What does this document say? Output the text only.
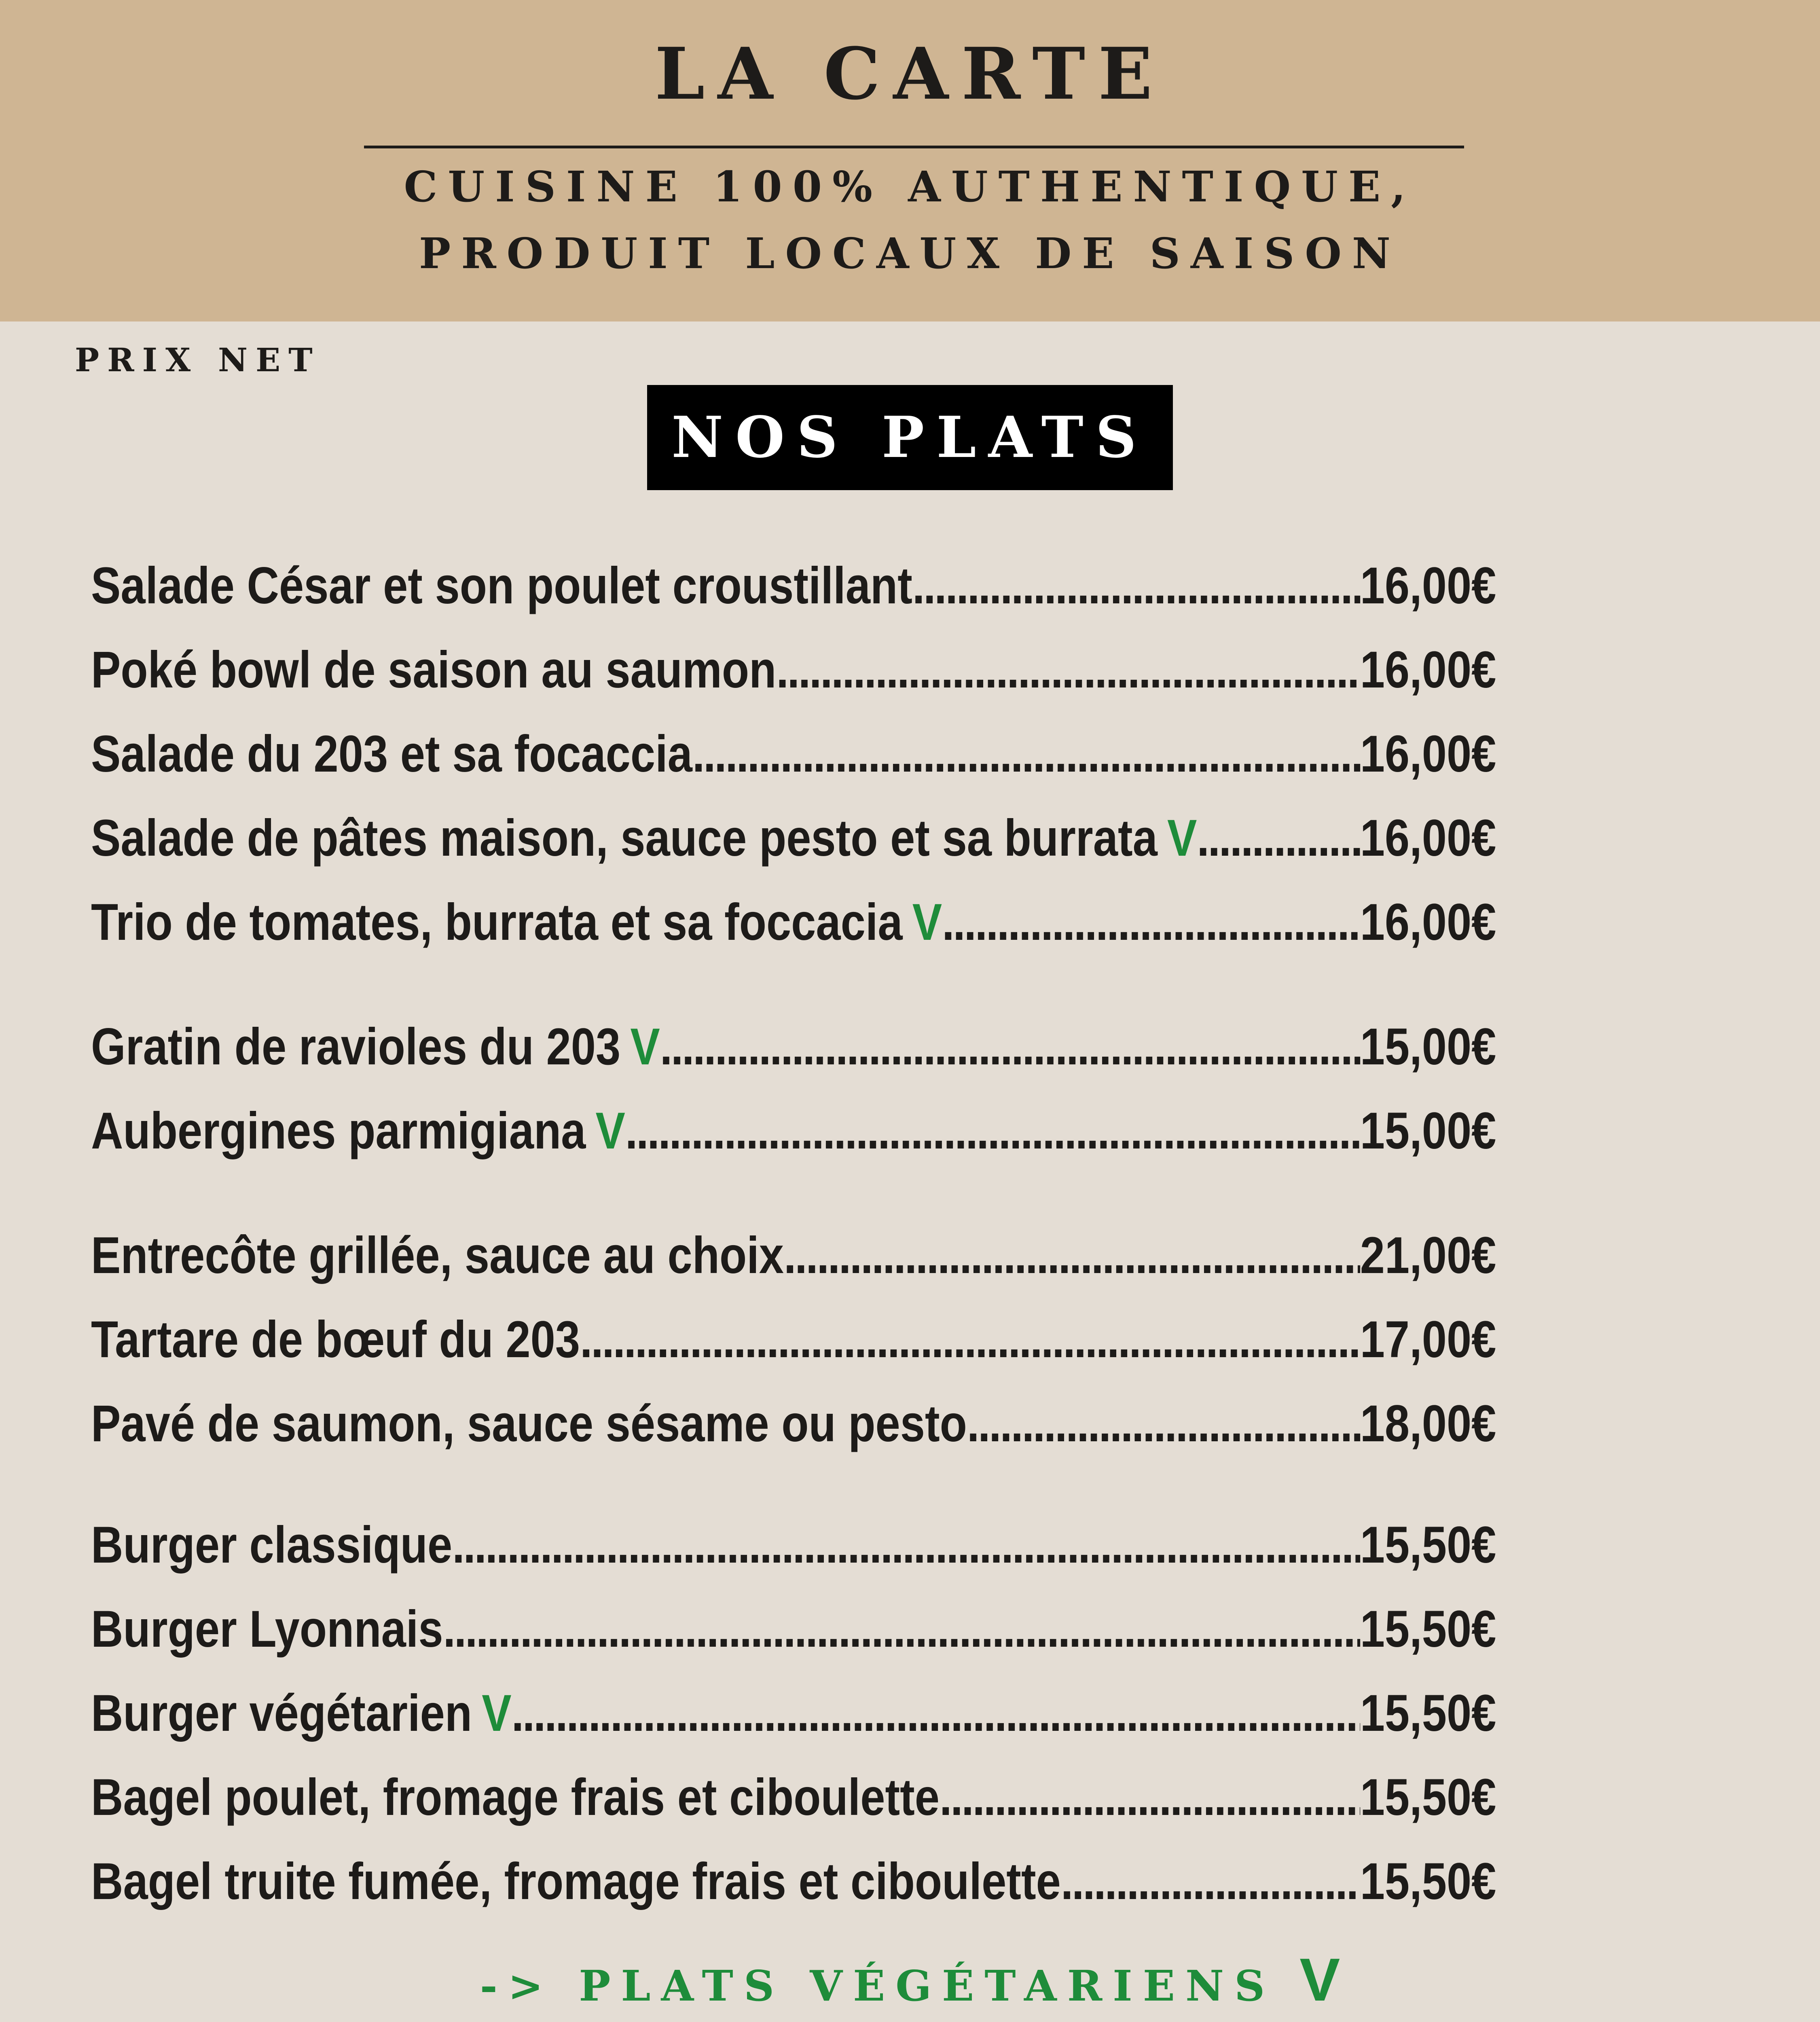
LA CARTE
CUISINE 100% AUTHENTIQUE,
PRODUIT LOCAUX DE SAISON
PRIX NET
NOS PLATS
Salade César et son poulet croustillant .....	16,00€
Poké bowl de saison au saumon .....	16,00€
Salade du 203 et sa focaccia .....	16,00€
Salade de pâtes maison, sauce pesto et sa burrata V .....	16,00€
Trio de tomates, burrata et sa foccacia V .....	16,00€
Gratin de ravioles du 203 V .....	15,00€
Aubergines parmigiana V .....	15,00€
Entrecôte grillée, sauce au choix .....	21,00€
Tartare de bœuf du 203 .....	17,00€
Pavé de saumon, sauce sésame ou pesto .....	18,00€
Burger classique .....	15,50€
Burger Lyonnais .....	15,50€
Burger végétarien V .....	15,50€
Bagel poulet, fromage frais et ciboulette .....	15,50€
Bagel truite fumée, fromage frais et ciboulette .....	15,50€
-> PLATS VÉGÉTARIENS V
